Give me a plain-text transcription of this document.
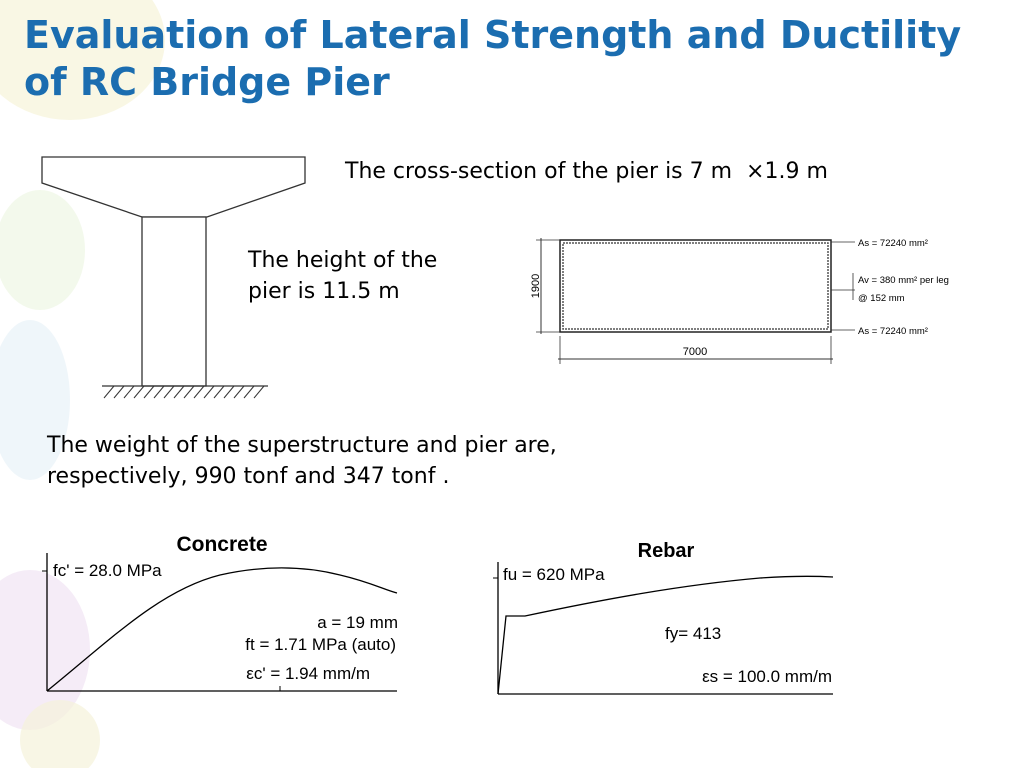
Evaluation of Lateral Strength and Ductility of RC Bridge Pier
The cross-section of the pier is 7 m  ×1.9 m
The height of the
pier is 11.5 m
The weight of the superstructure and pier are,
respectively, 990 tonf and 347 tonf .
1900
7000
As = 72240 mm²
Av = 380 mm² per leg
@ 152 mm
As = 72240 mm²
Concrete
fc' = 28.0 MPa
a = 19 mm
ft = 1.71 MPa (auto)
εc' = 1.94 mm/m
Rebar
fu = 620 MPa
fy= 413
εs = 100.0 mm/m
